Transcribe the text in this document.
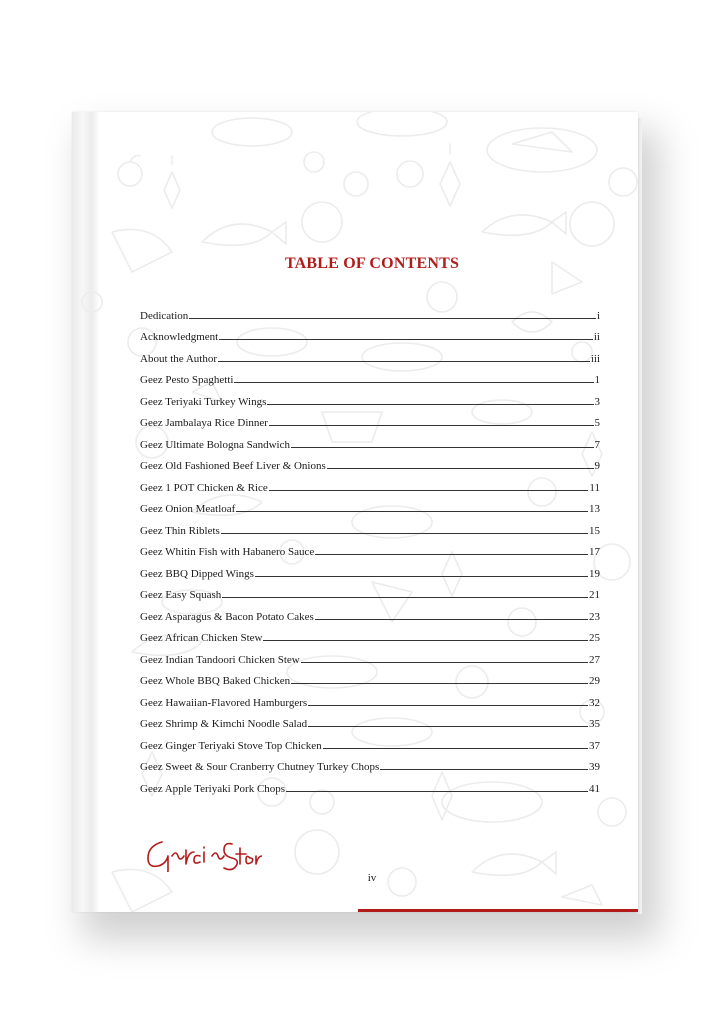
TABLE OF CONTENTS
Dedication	i
Acknowledgment	ii
About the Author	iii
Geez Pesto Spaghetti	1
Geez Teriyaki Turkey Wings	3
Geez Jambalaya Rice Dinner	5
Geez Ultimate Bologna Sandwich	7
Geez Old Fashioned Beef Liver & Onions	9
Geez 1 POT Chicken & Rice	11
Geez Onion Meatloaf	13
Geez Thin Riblets	15
Geez Whitin Fish with Habanero Sauce	17
Geez BBQ Dipped Wings	19
Geez Easy Squash	21
Geez Asparagus & Bacon Potato Cakes	23
Geez African Chicken Stew	25
Geez Indian Tandoori Chicken Stew	27
Geez Whole BBQ Baked Chicken	29
Geez Hawaiian-Flavored Hamburgers	32
Geez Shrimp & Kimchi Noodle Salad	35
Geez Ginger Teriyaki Stove Top Chicken	37
Geez Sweet & Sour Cranberry Chutney Turkey Chops	39
Geez Apple Teriyaki Pork Chops	41
iv
